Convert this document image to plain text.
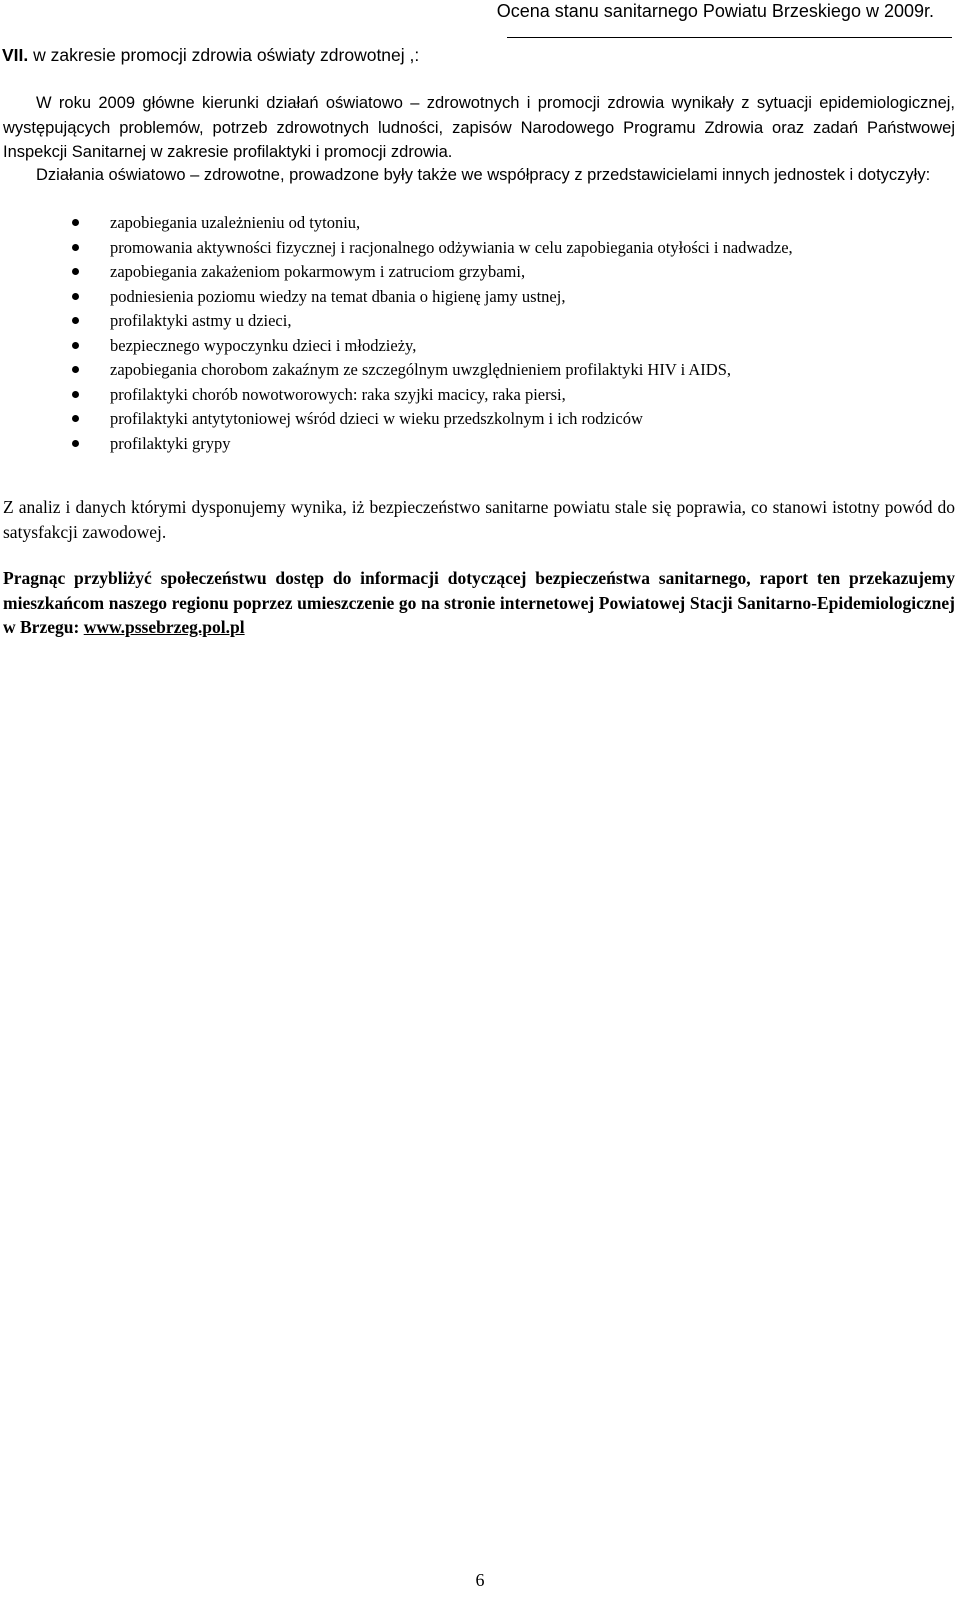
Ocena stanu sanitarnego Powiatu Brzeskiego w 2009r.
VII. w zakresie promocji zdrowia oświaty zdrowotnej ,:

W roku 2009 główne kierunki działań oświatowo – zdrowotnych i promocji zdrowia wynikały z sytuacji epidemiologicznej, występujących problemów, potrzeb zdrowotnych ludności, zapisów Narodowego Programu Zdrowia oraz zadań Państwowej Inspekcji Sanitarnej w zakresie profilaktyki i promocji zdrowia.

Działania oświatowo – zdrowotne, prowadzone były także we współpracy z przedstawicielami innych jednostek i dotyczyły:

zapobiegania uzależnieniu od tytoniu,
promowania aktywności fizycznej i racjonalnego odżywiania w celu zapobiegania otyłości i nadwadze,
zapobiegania zakażeniom pokarmowym i zatruciom grzybami,
podniesienia poziomu wiedzy na temat dbania o higienę jamy ustnej,
profilaktyki astmy u dzieci,
bezpiecznego wypoczynku dzieci i młodzieży,
zapobiegania chorobom zakaźnym ze szczególnym uwzględnieniem profilaktyki HIV i AIDS,
profilaktyki chorób nowotworowych: raka szyjki macicy, raka piersi,
profilaktyki antytytoniowej wśród dzieci w wieku przedszkolnym i ich rodziców
profilaktyki grypy

Z analiz i danych którymi dysponujemy wynika, iż bezpieczeństwo sanitarne powiatu stale się poprawia, co stanowi istotny powód do satysfakcji zawodowej.

Pragnąc przybliżyć społeczeństwu dostęp do informacji dotyczącej bezpieczeństwa sanitarnego, raport ten przekazujemy mieszkańcom naszego regionu poprzez umieszczenie go na stronie internetowej Powiatowej Stacji Sanitarno-Epidemiologicznej w Brzegu: www.pssebrzeg.pol.pl

6
